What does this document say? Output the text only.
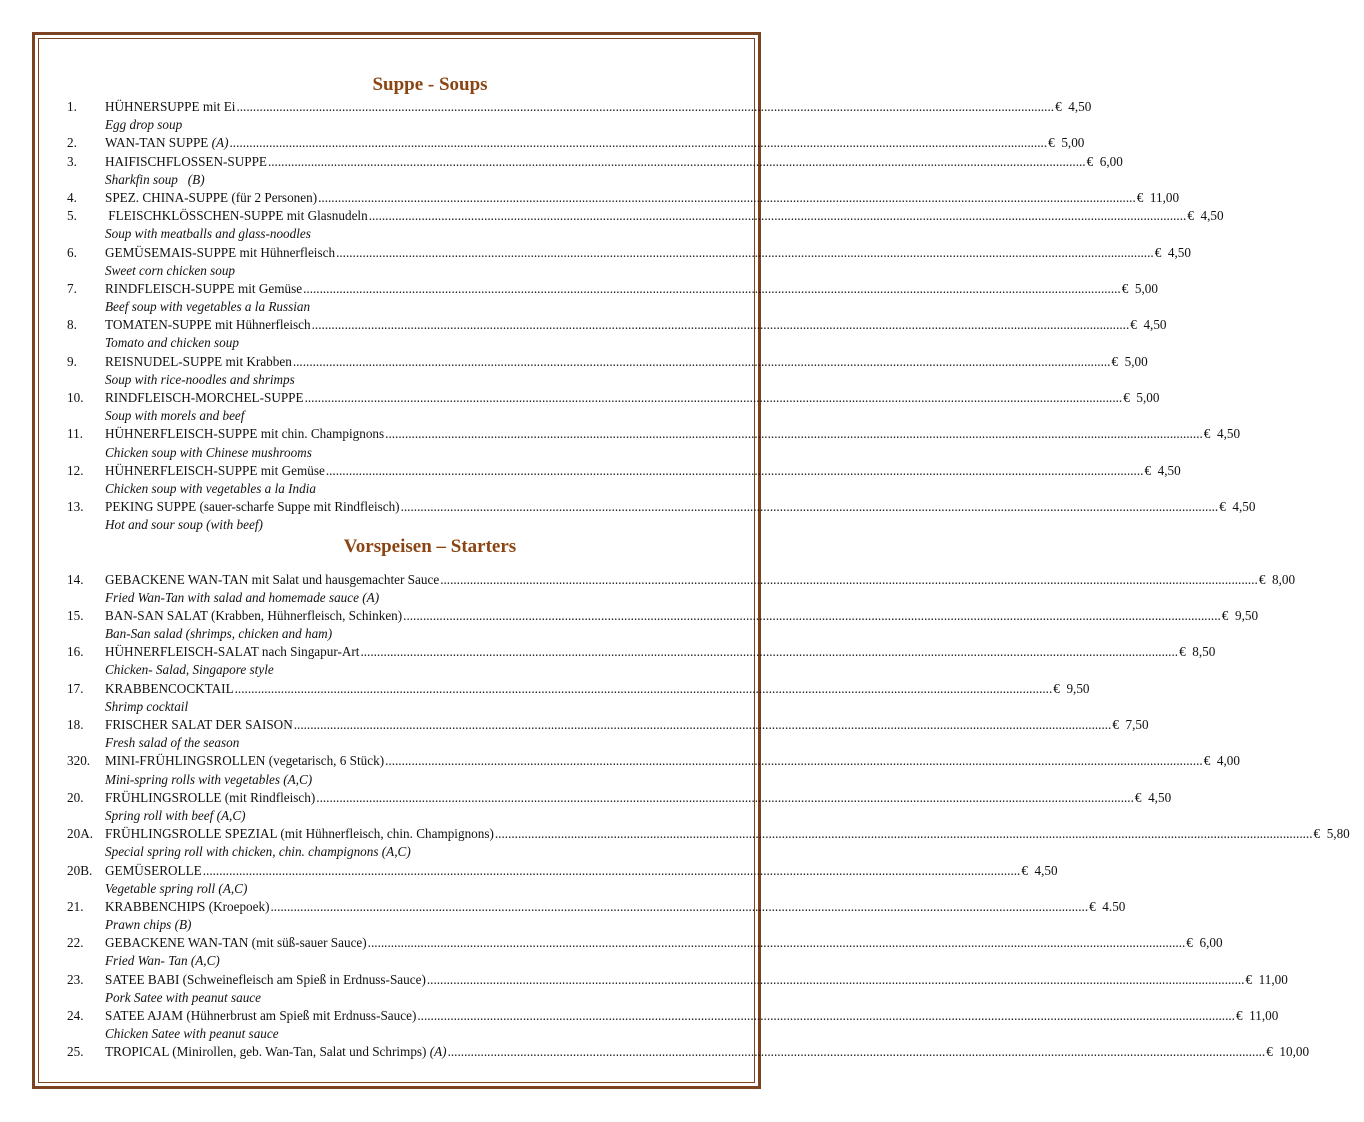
Suppe - Soups
1.	HÜHNERSUPPE mit Ei .....	€  4,50
Egg drop soup
2.	WAN-TAN SUPPE (A) .....	€  5,00
3.	HAIFISCHFLOSSEN-SUPPE .....	€  6,00
Sharkfin soup   (B)
4.	SPEZ. CHINA-SUPPE (für 2 Personen) .....	€  11,00
5.	FLEISCHKLÖSSCHEN-SUPPE mit Glasnudeln .....	€  4,50
Soup with meatballs and glass-noodles
6.	GEMÜSEMAIS-SUPPE mit Hühnerfleisch .....	€  4,50
Sweet corn chicken soup
7.	RINDFLEISCH-SUPPE mit Gemüse .....	€  5,00
Beef soup with vegetables a la Russian
8.	TOMATEN-SUPPE mit Hühnerfleisch .....	€  4,50
Tomato and chicken soup
9.	REISNUDEL-SUPPE mit Krabben .....	€  5,00
Soup with rice-noodles and shrimps
10.	RINDFLEISCH-MORCHEL-SUPPE .....	€  5,00
Soup with morels and beef
11.	HÜHNERFLEISCH-SUPPE mit chin. Champignons .....	€  4,50
Chicken soup with Chinese mushrooms
12.	HÜHNERFLEISCH-SUPPE mit Gemüse .....	€  4,50
Chicken soup with vegetables a la India
13.	PEKING SUPPE (sauer-scharfe Suppe mit Rindfleisch) .....	€  4,50
Hot and sour soup (with beef)
Vorspeisen – Starters
14.	GEBACKENE WAN-TAN mit Salat und hausgemachter Sauce .....	€  8,00
Fried Wan-Tan with salad and homemade sauce (A)
15.	BAN-SAN SALAT (Krabben, Hühnerfleisch, Schinken) .....	€  9,50
Ban-San salad (shrimps, chicken and ham)
16.	HÜHNERFLEISCH-SALAT nach Singapur-Art .....	€  8,50
Chicken- Salad, Singapore style
17.	KRABBENCOCKTAIL .....	€  9,50
Shrimp cocktail
18.	FRISCHER SALAT DER SAISON .....	€  7,50
Fresh salad of the season
320.	MINI-FRÜHLINGSROLLEN (vegetarisch, 6 Stück) .....	€  4,00
Mini-spring rolls with vegetables (A,C)
20.	FRÜHLINGSROLLE (mit Rindfleisch) .....	€  4,50
Spring roll with beef (A,C)
20A. FRÜHLINGSROLLE SPEZIAL (mit Hühnerfleisch, chin. Champignons) .....	€  5,80
Special spring roll with chicken, chin. champignons (A,C)
20B. GEMÜSEROLLE .....	€  4,50
Vegetable spring roll (A,C)
21.	KRABBENCHIPS (Kroepoek) .....	€  4.50
Prawn chips (B)
22.	GEBACKENE WAN-TAN (mit süß-sauer Sauce) .....	€  6,00
Fried Wan- Tan (A,C)
23.	SATEE BABI (Schweinefleisch am Spieß in Erdnuss-Sauce) .....	€  11,00
Pork Satee with peanut sauce
24.	SATEE AJAM (Hühnerbrust am Spieß mit Erdnuss-Sauce) .....	€  11,00
Chicken Satee with peanut sauce
25.	TROPICAL (Minirollen, geb. Wan-Tan, Salat und Schrimps) (A) .....	€  10,00
